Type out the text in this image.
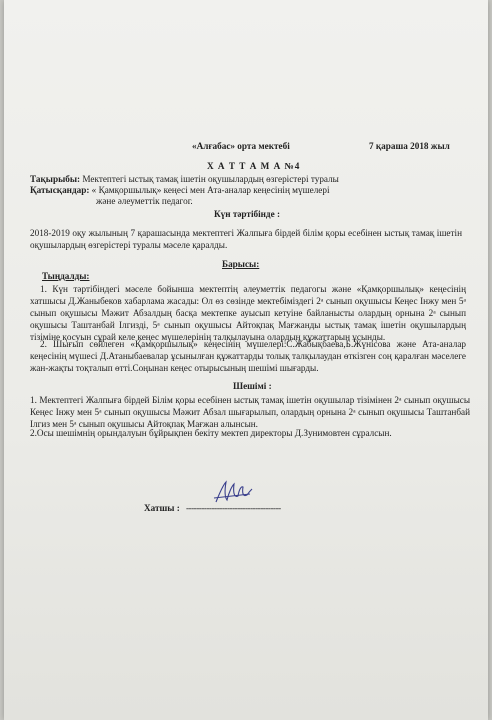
«Алғабас» орта мектебі	7 қараша 2018 жыл
Х А Т Т А М А №4
Тақырыбы: Мектептегі ыстық тамақ ішетін оқушылардың өзгерістері туралы
Қатысқандар: « Қамқоршылық» кеңесі мен Ата-аналар кеңесінің мүшелері
және әлеуметтік педагог.
Күн тәртібінде :
2018-2019 оқу жылының 7 қарашасында мектептегі Жалпыға бірдей білім қоры есебінен ыстық тамақ ішетін оқушылардың өзгерістері туралы мәселе қаралды.
Барысы:
Тыңдалды:
1. Күн тәртібіндегі мәселе бойынша мектептің әлеуметтік педагогы және «Қамқоршылық» кеңесінің хатшысы Д.Жаныбеков хабарлама жасады: Ол өз сөзінде мектебіміздегі 2ᵃ сынып оқушысы Кеңес Інжу мен 5ᵃ сынып оқушысы Мәжит Абзалдың басқа мектепке ауысып кетуіне байланысты олардың орнына 2ᵃ сынып оқушысы Таштанбай Ілгизді, 5ᵃ сынып оқушысы Айтоқпақ Мағжанды ыстық тамақ ішетін оқушылардың тізіміне қосуын сұрай келе кеңес мүшелерінің талқылауына олардың құжаттарын ұсынды.
2. Шығып сөйлеген «Қамқоршылық» кеңесінің мүшелері:С.Жабықбаева,Б.Жүнісова және Ата-аналар кеңесінің мүшесі Д.Атаныбаевалар ұсынылған құжаттарды толық талқылаудан өткізген соң қаралған мәселеге жан-жақты тоқталып өтті.Соңынан кеңес отырысының шешімі шығарды.
Шешімі :
1. Мектептегі Жалпыға бірдей Білім қоры есебінен ыстық тамақ ішетін оқушылар тізімінен 2ᵃ сынып оқушысы Кеңес Інжу мен 5ᵃ сынып оқушысы Мәжит Абзал шығарылып, олардың орнына 2ᵃ сынып оқушысы Таштанбай Ілгиз мен 5ᵃ сынып оқушысы Айтоқпақ Мағжан алынсын.
2.Осы шешімнің орындалуын бұйрықпен бекіту мектеп директоры Д.Зунимовтен сұралсын.
Хатшы : -------------------------------------
